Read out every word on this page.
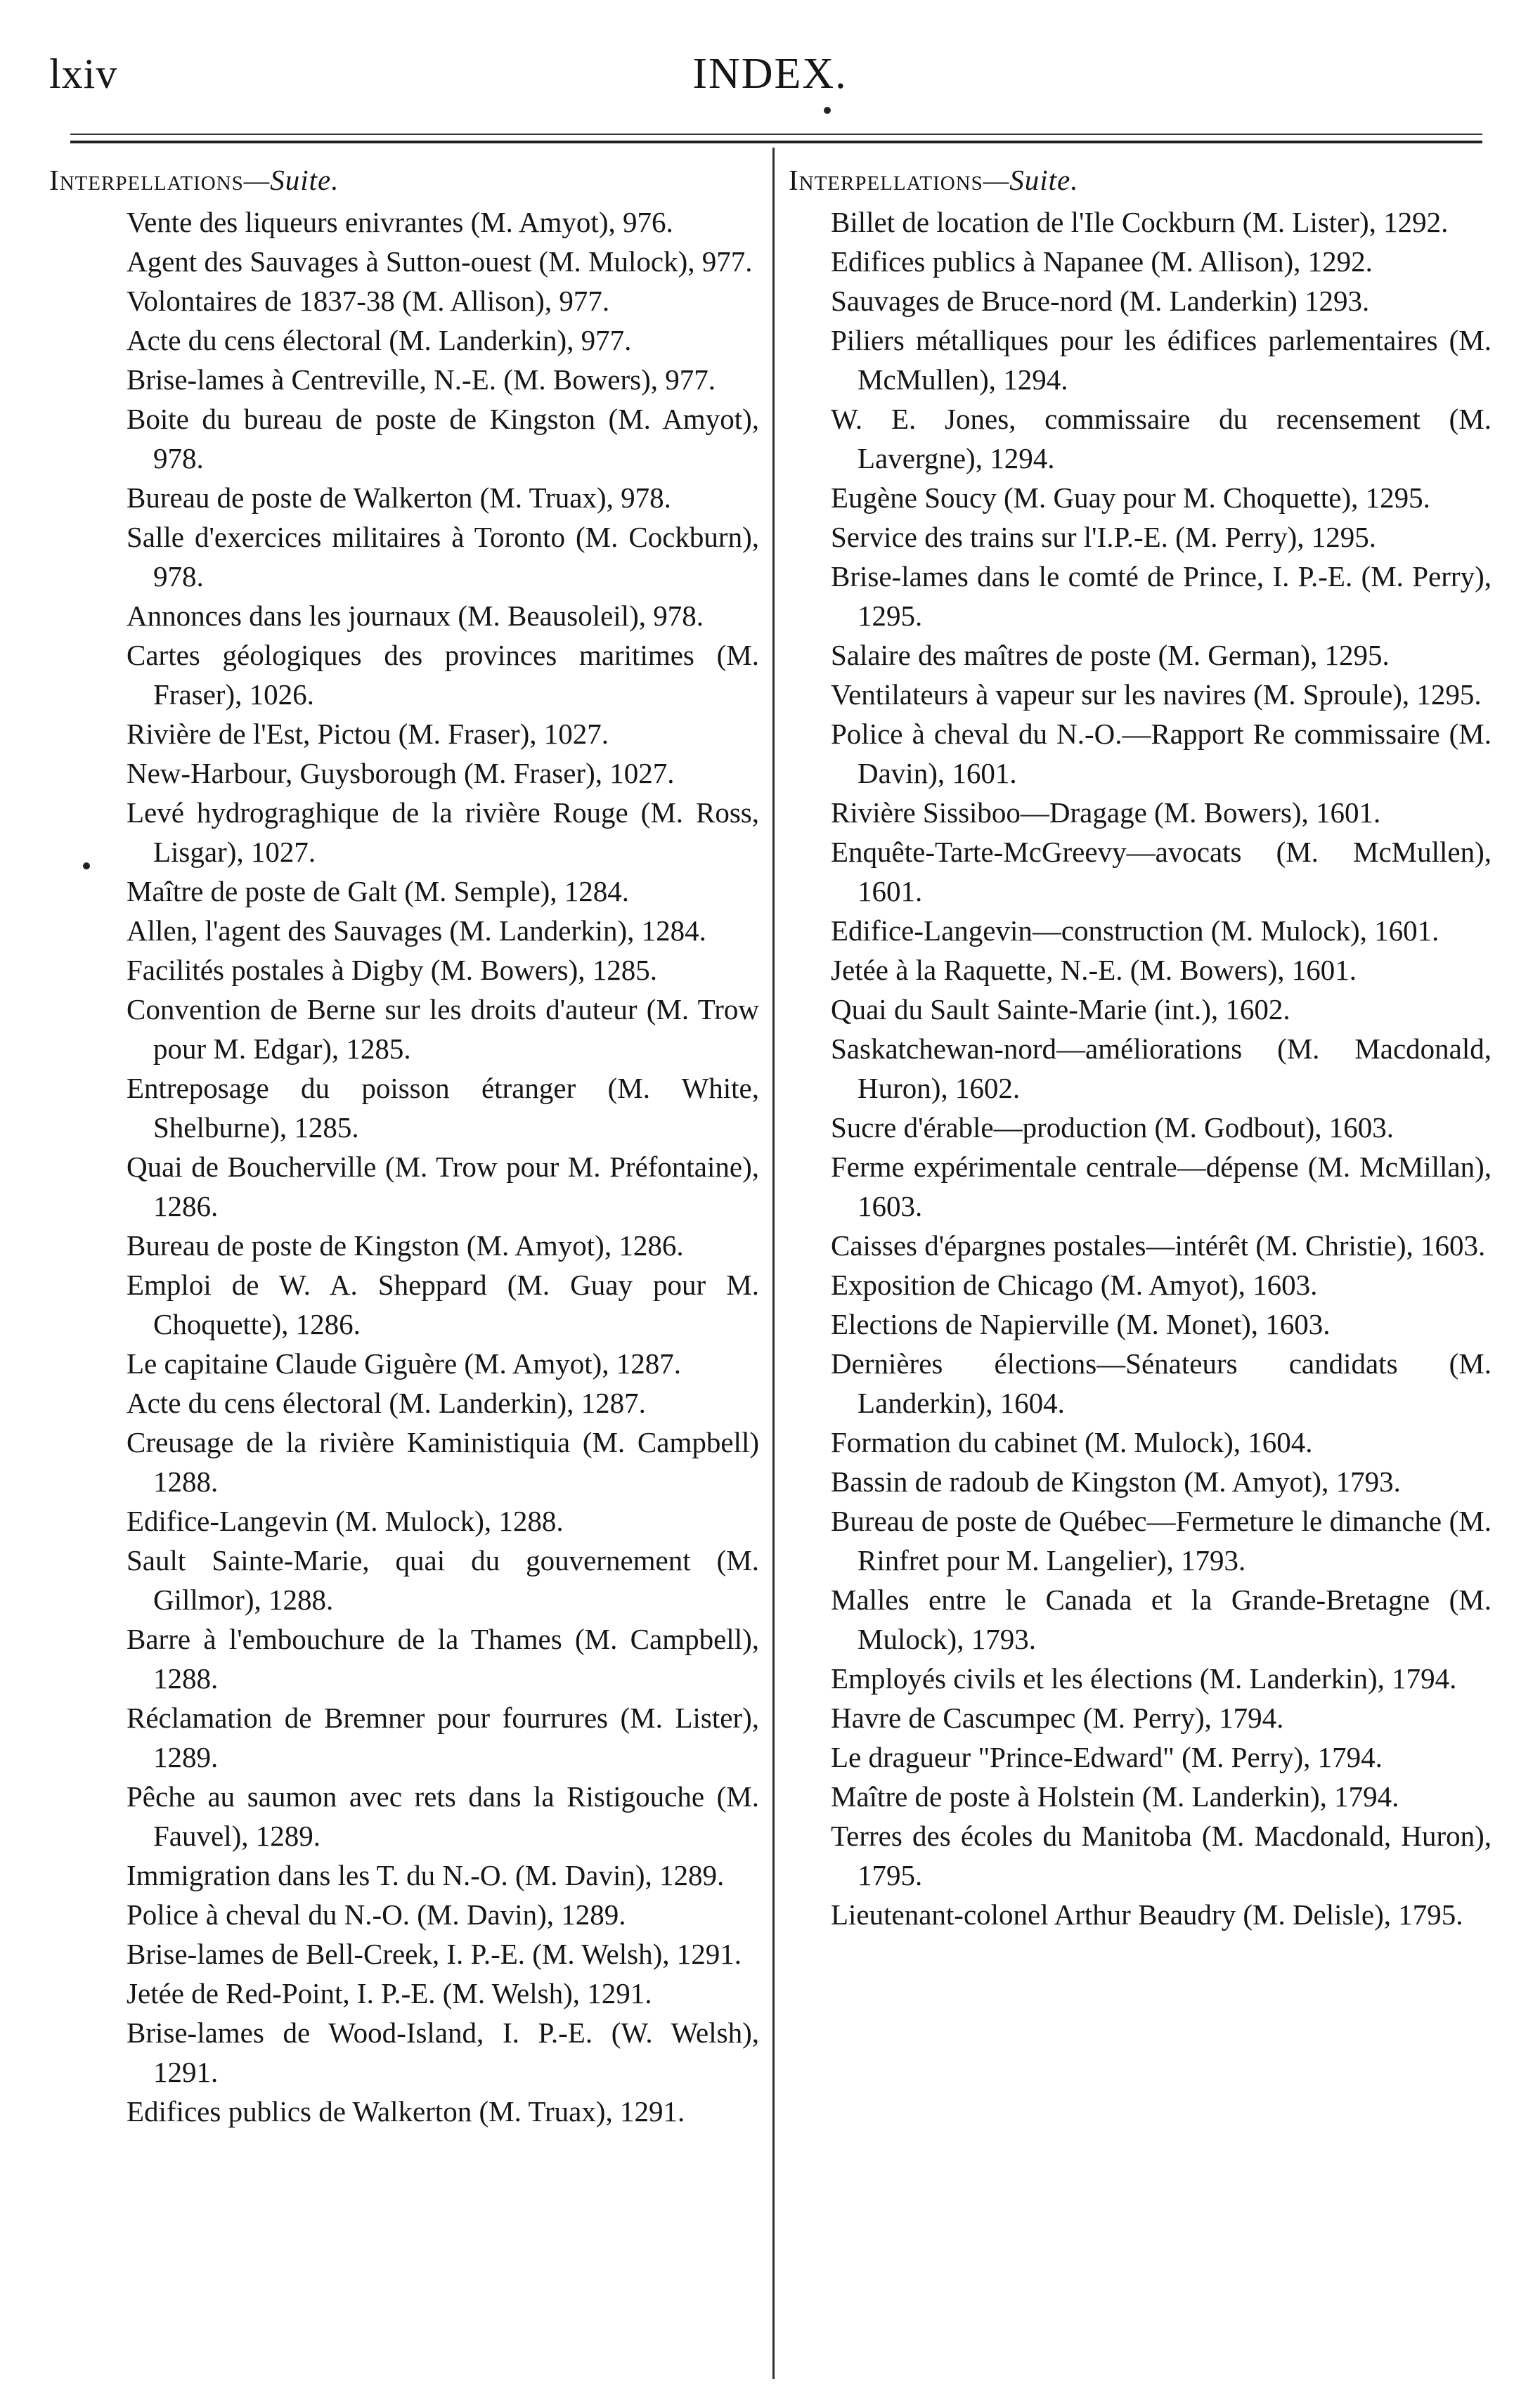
lxiv	INDEX.
Interpellations—Suite.

Vente des liqueurs enivrantes (M. Amyot), 976.

Agent des Sauvages à Sutton-ouest (M. Mulock), 977.

Volontaires de 1837-38 (M. Allison), 977.

Acte du cens électoral (M. Landerkin), 977.

Brise-lames à Centreville, N.-E. (M. Bowers), 977.

Boite du bureau de poste de Kingston (M. Amyot), 978.

Bureau de poste de Walkerton (M. Truax), 978.

Salle d'exercices militaires à Toronto (M. Cockburn), 978.

Annonces dans les journaux (M. Beausoleil), 978.

Cartes géologiques des provinces maritimes (M. Fraser), 1026.

Rivière de l'Est, Pictou (M. Fraser), 1027.

New-Harbour, Guysborough (M. Fraser), 1027.

Levé hydrograghique de la rivière Rouge (M. Ross, Lisgar), 1027.

Maître de poste de Galt (M. Semple), 1284.

Allen, l'agent des Sauvages (M. Landerkin), 1284.

Facilités postales à Digby (M. Bowers), 1285.

Convention de Berne sur les droits d'auteur (M. Trow pour M. Edgar), 1285.

Entreposage du poisson étranger (M. White, Shelburne), 1285.

Quai de Boucherville (M. Trow pour M. Préfontaine), 1286.

Bureau de poste de Kingston (M. Amyot), 1286.

Emploi de W. A. Sheppard (M. Guay pour M. Choquette), 1286.

Le capitaine Claude Giguère (M. Amyot), 1287.

Acte du cens électoral (M. Landerkin), 1287.

Creusage de la rivière Kaministiquia (M. Campbell) 1288.

Edifice-Langevin (M. Mulock), 1288.

Sault Sainte-Marie, quai du gouvernement (M. Gillmor), 1288.

Barre à l'embouchure de la Thames (M. Campbell), 1288.

Réclamation de Bremner pour fourrures (M. Lister), 1289.

Pêche au saumon avec rets dans la Ristigouche (M. Fauvel), 1289.

Immigration dans les T. du N.-O. (M. Davin), 1289.

Police à cheval du N.-O. (M. Davin), 1289.

Brise-lames de Bell-Creek, I. P.-E. (M. Welsh), 1291.

Jetée de Red-Point, I. P.-E. (M. Welsh), 1291.

Brise-lames de Wood-Island, I. P.-E. (W. Welsh), 1291.

Edifices publics de Walkerton (M. Truax), 1291.

Interpellations—Suite.

Billet de location de l'Ile Cockburn (M. Lister), 1292.

Edifices publics à Napanee (M. Allison), 1292.

Sauvages de Bruce-nord (M. Landerkin) 1293.

Piliers métalliques pour les édifices parlementaires (M. McMullen), 1294.

W. E. Jones, commissaire du recensement (M. Lavergne), 1294.

Eugène Soucy (M. Guay pour M. Choquette), 1295.

Service des trains sur l'I.P.-E. (M. Perry), 1295.

Brise-lames dans le comté de Prince, I. P.-E. (M. Perry), 1295.

Salaire des maîtres de poste (M. German), 1295.

Ventilateurs à vapeur sur les navires (M. Sproule), 1295.

Police à cheval du N.-O.—Rapport Re commissaire (M. Davin), 1601.

Rivière Sissiboo—Dragage (M. Bowers), 1601.

Enquête-Tarte-McGreevy—avocats (M. McMullen), 1601.

Edifice-Langevin—construction (M. Mulock), 1601.

Jetée à la Raquette, N.-E. (M. Bowers), 1601.

Quai du Sault Sainte-Marie (int.), 1602.

Saskatchewan-nord—améliorations (M. Macdonald, Huron), 1602.

Sucre d'érable—production (M. Godbout), 1603.

Ferme expérimentale centrale—dépense (M. McMillan), 1603.

Caisses d'épargnes postales—intérêt (M. Christie), 1603.

Exposition de Chicago (M. Amyot), 1603.

Elections de Napierville (M. Monet), 1603.

Dernières élections—Sénateurs candidats (M. Landerkin), 1604.

Formation du cabinet (M. Mulock), 1604.

Bassin de radoub de Kingston (M. Amyot), 1793.

Bureau de poste de Québec—Fermeture le dimanche (M. Rinfret pour M. Langelier), 1793.

Malles entre le Canada et la Grande-Bretagne (M. Mulock), 1793.

Employés civils et les élections (M. Landerkin), 1794.

Havre de Cascumpec (M. Perry), 1794.

Le dragueur "Prince-Edward" (M. Perry), 1794.

Maître de poste à Holstein (M. Landerkin), 1794.

Terres des écoles du Manitoba (M. Macdonald, Huron), 1795.

Lieutenant-colonel Arthur Beaudry (M. Delisle), 1795.
